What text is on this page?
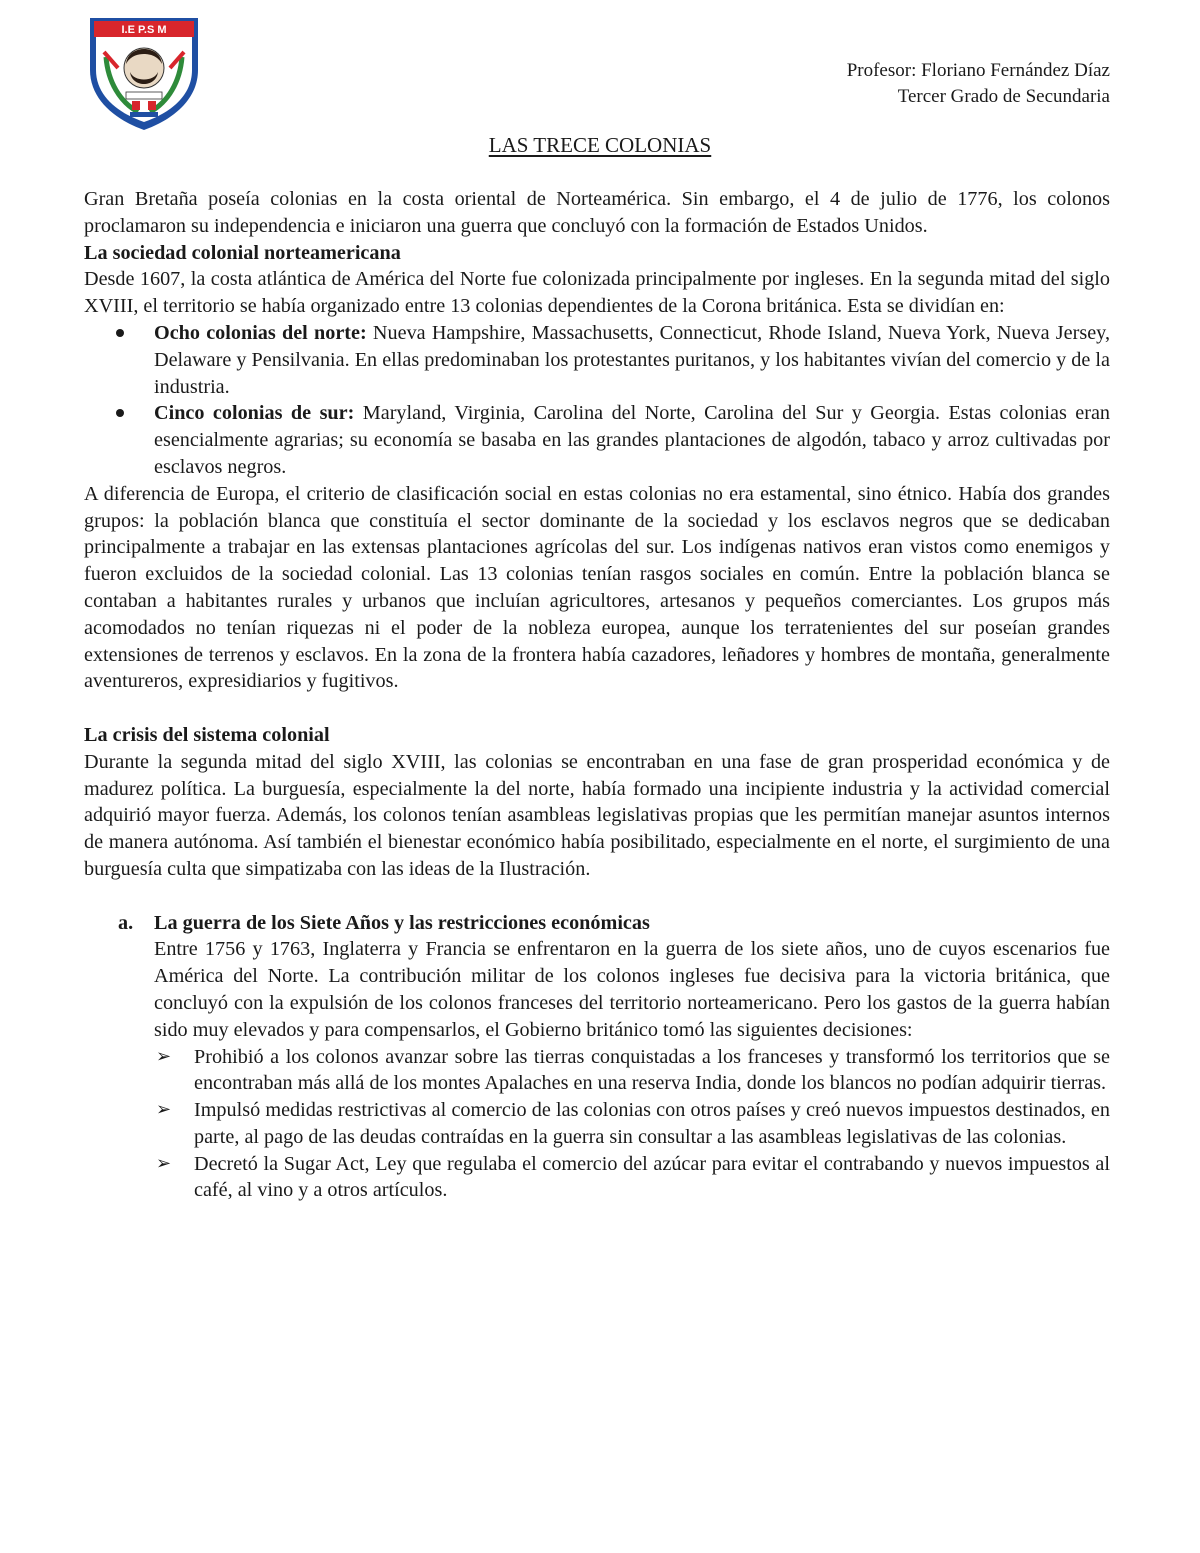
I.E P.S M
Profesor: Floriano Fernández Díaz
Tercer Grado de Secundaria
LAS TRECE COLONIAS

Gran Bretaña poseía colonias en la costa oriental de Norteamérica. Sin embargo, el 4 de julio de 1776, los colonos proclamaron su independencia e iniciaron una guerra que concluyó con la formación de Estados Unidos.

La sociedad colonial norteamericana

Desde 1607, la costa atlántica de América del Norte fue colonizada principalmente por ingleses. En la segunda mitad del siglo XVIII, el territorio se había organizado entre 13 colonias dependientes de la Corona británica. Esta se dividían en:

Ocho colonias del norte: Nueva Hampshire, Massachusetts, Connecticut, Rhode Island, Nueva York, Nueva Jersey, Delaware y Pensilvania. En ellas predominaban los protestantes puritanos, y los habitantes vivían del comercio y de la industria.
Cinco colonias de sur: Maryland, Virginia, Carolina del Norte, Carolina del Sur y Georgia. Estas colonias eran esencialmente agrarias; su economía se basaba en las grandes plantaciones de algodón, tabaco y arroz cultivadas por esclavos negros.

A diferencia de Europa, el criterio de clasificación social en estas colonias no era estamental, sino étnico. Había dos grandes grupos: la población blanca que constituía el sector dominante de la sociedad y los esclavos negros que se dedicaban principalmente a trabajar en las extensas plantaciones agrícolas del sur. Los indígenas nativos eran vistos como enemigos y fueron excluidos de la sociedad colonial. Las 13 colonias tenían rasgos sociales en común. Entre la población blanca se contaban a habitantes rurales y urbanos que incluían agricultores, artesanos y pequeños comerciantes. Los grupos más acomodados no tenían riquezas ni el poder de la nobleza europea, aunque los terratenientes del sur poseían grandes extensiones de terrenos y esclavos. En la zona de la frontera había cazadores, leñadores y hombres de montaña, generalmente aventureros, expresidiarios y fugitivos.

La crisis del sistema colonial

Durante la segunda mitad del siglo XVIII, las colonias se encontraban en una fase de gran prosperidad económica y de madurez política. La burguesía, especialmente la del norte, había formado una incipiente industria y la actividad comercial adquirió mayor fuerza. Además, los colonos tenían asambleas legislativas propias que les permitían manejar asuntos internos de manera autónoma. Así también el bienestar económico había posibilitado, especialmente en el norte, el surgimiento de una burguesía culta que simpatizaba con las ideas de la Ilustración.

a. La guerra de los Siete Años y las restricciones económicas

Entre 1756 y 1763, Inglaterra y Francia se enfrentaron en la guerra de los siete años, uno de cuyos escenarios fue América del Norte. La contribución militar de los colonos ingleses fue decisiva para la victoria británica, que concluyó con la expulsión de los colonos franceses del territorio norteamericano. Pero los gastos de la guerra habían sido muy elevados y para compensarlos, el Gobierno británico tomó las siguientes decisiones:

➢ Prohibió a los colonos avanzar sobre las tierras conquistadas a los franceses y transformó los territorios que se encontraban más allá de los montes Apalaches en una reserva India, donde los blancos no podían adquirir tierras.
➢ Impulsó medidas restrictivas al comercio de las colonias con otros países y creó nuevos impuestos destinados, en parte, al pago de las deudas contraídas en la guerra sin consultar a las asambleas legislativas de las colonias.
➢ Decretó la Sugar Act, Ley que regulaba el comercio del azúcar para evitar el contrabando y nuevos impuestos al café, al vino y a otros artículos.
